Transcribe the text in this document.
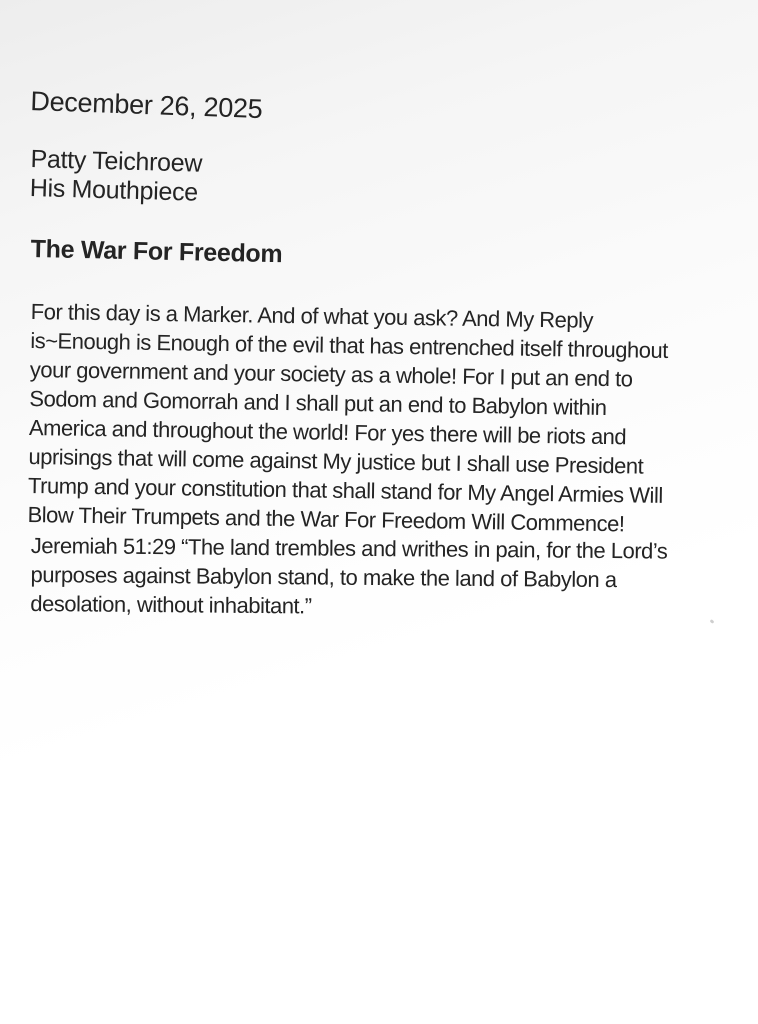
December 26, 2025
Patty Teichroew
His Mouthpiece
The War For Freedom
For this day is a Marker. And of what you ask? And My Reply
is~Enough is Enough of the evil that has entrenched itself throughout
your government and your society as a whole! For I put an end to
Sodom and Gomorrah and I shall put an end to Babylon within
America and throughout the world! For yes there will be riots and
uprisings that will come against My justice but I shall use President
Trump and your constitution that shall stand for My Angel Armies Will
Blow Their Trumpets and the War For Freedom Will Commence!
Jeremiah 51:29 “The land trembles and writhes in pain, for the Lord’s
purposes against Babylon stand, to make the land of Babylon a
desolation, without inhabitant.”
